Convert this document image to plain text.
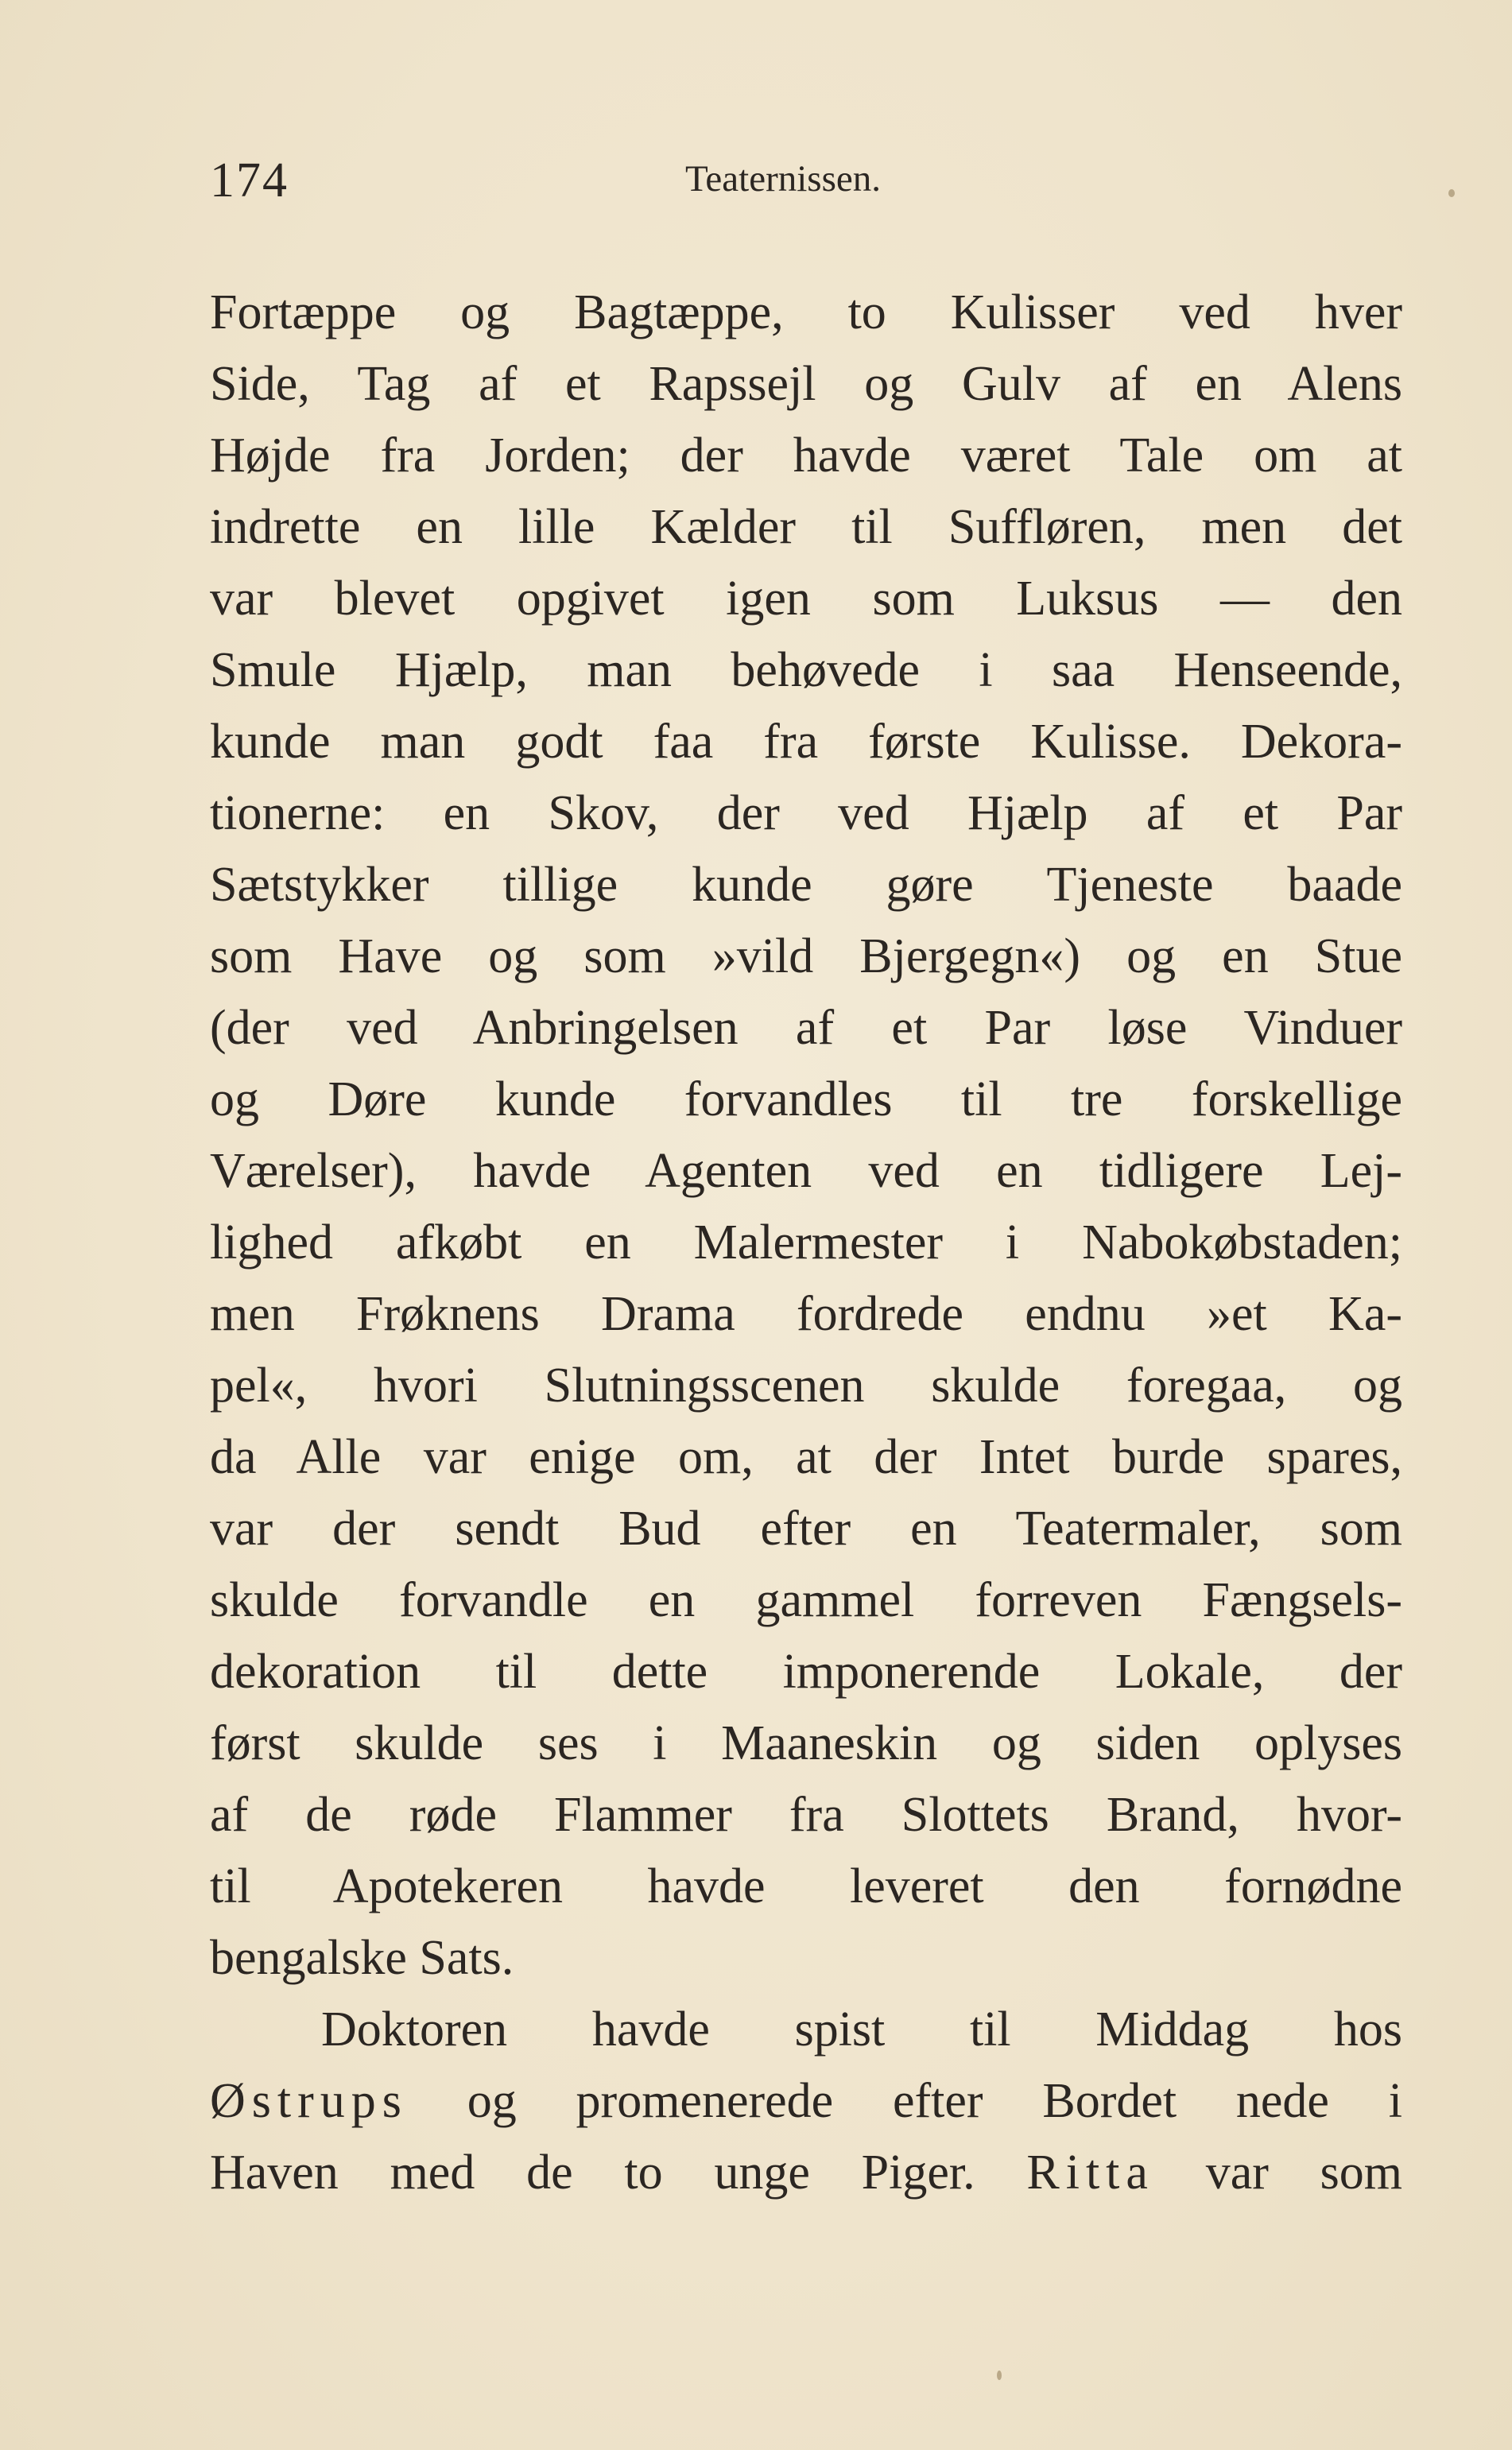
174	Teaternissen.
Fortæppe og Bagtæppe, to Kulisser ved hver
Side, Tag af et Rapssejl og Gulv af en Alens
Højde fra Jorden; der havde været Tale om at
indrette en lille Kælder til Suffløren, men det
var blevet opgivet igen som Luksus — den
Smule Hjælp, man behøvede i saa Henseende,
kunde man godt faa fra første Kulisse. Dekora-
tionerne: en Skov, der ved Hjælp af et Par
Sætstykker tillige kunde gøre Tjeneste baade
som Have og som »vild Bjergegn«) og en Stue
(der ved Anbringelsen af et Par løse Vinduer
og Døre kunde forvandles til tre forskellige
Værelser), havde Agenten ved en tidligere Lej-
lighed afkøbt en Malermester i Nabokøbstaden;
men Frøknens Drama fordrede endnu »et Ka-
pel«, hvori Slutningsscenen skulde foregaa, og
da Alle var enige om, at der Intet burde spares,
var der sendt Bud efter en Teatermaler, som
skulde forvandle en gammel forreven Fængsels-
dekoration til dette imponerende Lokale, der
først skulde ses i Maaneskin og siden oplyses
af de røde Flammer fra Slottets Brand, hvor-
til Apotekeren havde leveret den fornødne
bengalske Sats.
Doktoren havde spist til Middag hos
Østrups og promenerede efter Bordet nede i
Haven med de to unge Piger. Ritta var som
